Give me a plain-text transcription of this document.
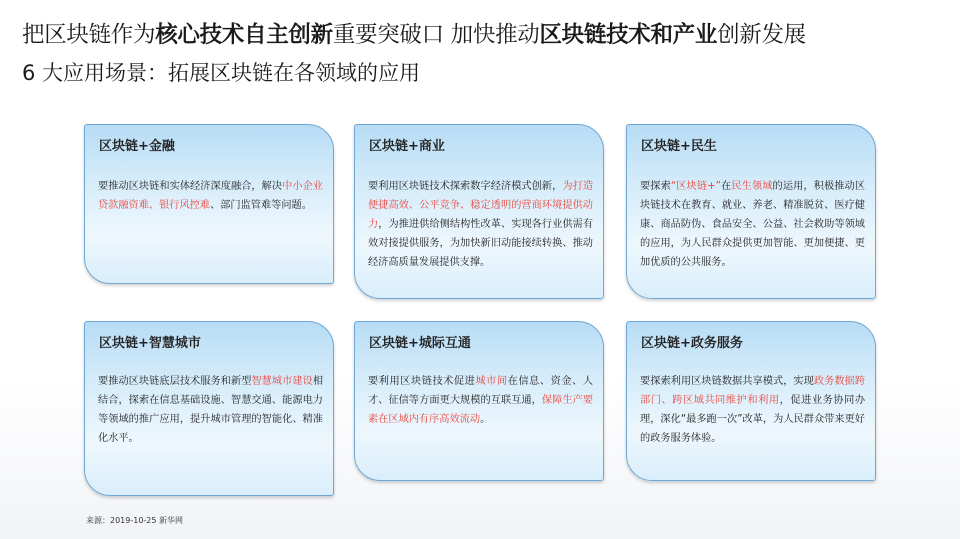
把区块链作为核心技术自主创新重要突破口 加快推动区块链技术和产业创新发展
6 大应用场景：拓展区块链在各领域的应用
区块链+金融
要推动区块链和实体经济深度融合，解决中小企业贷款融资难、银行风控难、部门监管难等问题。
区块链+商业
要利用区块链技术探索数字经济模式创新，为打造便捷高效、公平竞争、稳定透明的营商环境提供动力，为推进供给侧结构性改革、实现各行业供需有效对接提供服务，为加快新旧动能接续转换、推动经济高质量发展提供支撑。
区块链+民生
要探索“区块链+”在民生领域的运用，积极推动区块链技术在教育、就业、养老、精准脱贫、医疗健康、商品防伪、食品安全、公益、社会救助等领域的应用，为人民群众提供更加智能、更加便捷、更加优质的公共服务。
区块链+智慧城市
要推动区块链底层技术服务和新型智慧城市建设相结合，探索在信息基础设施、智慧交通、能源电力等领域的推广应用，提升城市管理的智能化、精准化水平。
区块链+城际互通
要利用区块链技术促进城市间在信息、资金、人才、征信等方面更大规模的互联互通，保障生产要素在区域内有序高效流动。
区块链+政务服务
要探索利用区块链数据共享模式，实现政务数据跨部门、跨区域共同维护和利用，促进业务协同办理，深化“最多跑一次”改革，为人民群众带来更好的政务服务体验。
来源：2019-10-25 新华网
